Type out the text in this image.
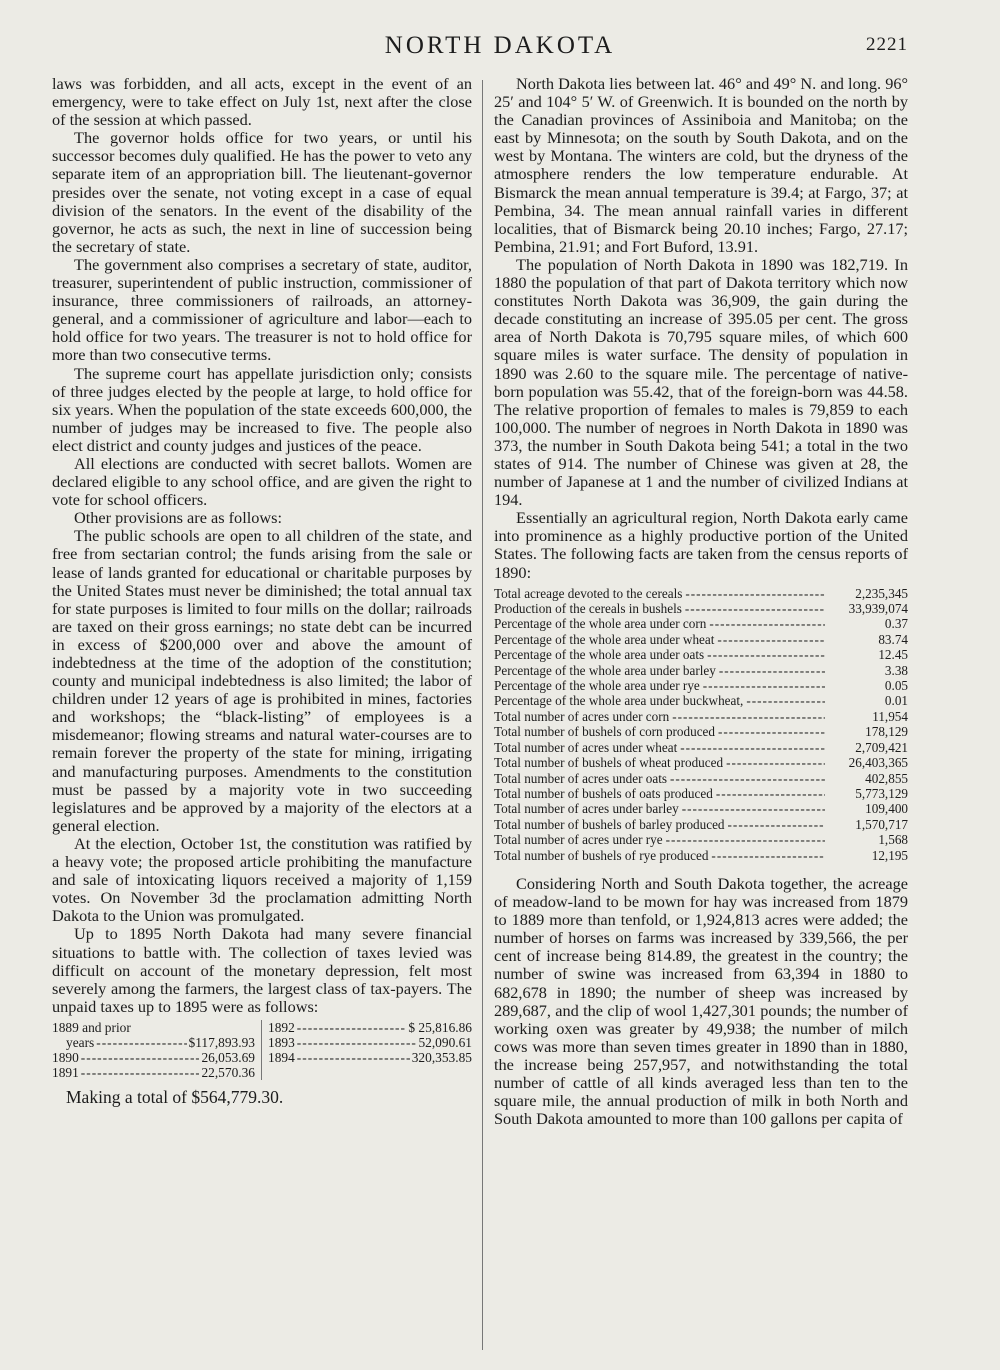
NORTH DAKOTA	2221

laws was forbidden, and all acts, except in the event of an emergency, were to take effect on July 1st, next after the close of the session at which passed.

The governor holds office for two years, or until his successor becomes duly qualified. He has the power to veto any separate item of an appropriation bill. The lieutenant-governor presides over the senate, not voting except in a case of equal division of the senators. In the event of the disability of the governor, he acts as such, the next in line of succession being the secretary of state.

The government also comprises a secretary of state, auditor, treasurer, superintendent of public instruction, commissioner of insurance, three commissioners of railroads, an attorney-general, and a commissioner of agriculture and labor—each to hold office for two years. The treasurer is not to hold office for more than two consecutive terms.

The supreme court has appellate jurisdiction only; consists of three judges elected by the people at large, to hold office for six years. When the population of the state exceeds 600,000, the number of judges may be increased to five. The people also elect district and county judges and justices of the peace.

All elections are conducted with secret ballots. Women are declared eligible to any school office, and are given the right to vote for school officers.

Other provisions are as follows:

The public schools are open to all children of the state, and free from sectarian control; the funds arising from the sale or lease of lands granted for educational or charitable purposes by the United States must never be diminished; the total annual tax for state purposes is limited to four mills on the dollar; railroads are taxed on their gross earnings; no state debt can be incurred in excess of $200,000 over and above the amount of indebtedness at the time of the adoption of the constitution; county and municipal indebtedness is also limited; the labor of children under 12 years of age is prohibited in mines, factories and workshops; the “black-listing” of employees is a misdemeanor; flowing streams and natural water-courses are to remain forever the property of the state for mining, irrigating and manufacturing purposes. Amendments to the constitution must be passed by a majority vote in two succeeding legislatures and be approved by a majority of the electors at a general election.

At the election, October 1st, the constitution was ratified by a heavy vote; the proposed article prohibiting the manufacture and sale of intoxicating liquors received a majority of 1,159 votes. On November 3d the proclamation admitting North Dakota to the Union was promulgated.

Up to 1895 North Dakota had many severe financial situations to battle with. The collection of taxes levied was difficult on account of the monetary depression, felt most severely among the farmers, the largest class of tax-payers. The unpaid taxes up to 1895 were as follows:

1889 and prior
years -----	$117,893.93
1890 -----	26,053.69
1891 -----	22,570.36
1892 -----	$ 25,816.86
1893 -----	52,090.61
1894 -----	320,353.85
Making a total of $564,779.30.

North Dakota lies between lat. 46° and 49° N. and long. 96° 25′ and 104° 5′ W. of Greenwich. It is bounded on the north by the Canadian provinces of Assiniboia and Manitoba; on the east by Minnesota; on the south by South Dakota, and on the west by Montana. The winters are cold, but the dryness of the atmosphere renders the low temperature endurable. At Bismarck the mean annual temperature is 39.4; at Fargo, 37; at Pembina, 34. The mean annual rainfall varies in different localities, that of Bismarck being 20.10 inches; Fargo, 27.17; Pembina, 21.91; and Fort Buford, 13.91.

The population of North Dakota in 1890 was 182,719. In 1880 the population of that part of Dakota territory which now constitutes North Dakota was 36,909, the gain during the decade constituting an increase of 395.05 per cent. The gross area of North Dakota is 70,795 square miles, of which 600 square miles is water surface. The density of population in 1890 was 2.60 to the square mile. The percentage of native-born population was 55.42, that of the foreign-born was 44.58. The relative proportion of females to males is 79,859 to each 100,000. The number of negroes in North Dakota in 1890 was 373, the number in South Dakota being 541; a total in the two states of 914. The number of Chinese was given at 28, the number of Japanese at 1 and the number of civilized Indians at 194.

Essentially an agricultural region, North Dakota early came into prominence as a highly productive portion of the United States. The following facts are taken from the census reports of 1890:

Total acreage devoted to the cereals -----	2,235,345
Production of the cereals in bushels -----	33,939,074
Percentage of the whole area under corn -----	0.37
Percentage of the whole area under wheat -----	83.74
Percentage of the whole area under oats -----	12.45
Percentage of the whole area under barley -----	3.38
Percentage of the whole area under rye -----	0.05
Percentage of the whole area under buckwheat, -----	0.01
Total number of acres under corn -----	11,954
Total number of bushels of corn produced -----	178,129
Total number of acres under wheat -----	2,709,421
Total number of bushels of wheat produced -----	26,403,365
Total number of acres under oats -----	402,855
Total number of bushels of oats produced -----	5,773,129
Total number of acres under barley -----	109,400
Total number of bushels of barley produced -----	1,570,717
Total number of acres under rye -----	1,568
Total number of bushels of rye produced -----	12,195

Considering North and South Dakota together, the acreage of meadow-land to be mown for hay was increased from 1879 to 1889 more than tenfold, or 1,924,813 acres were added; the number of horses on farms was increased by 339,566, the per cent of increase being 814.89, the greatest in the country; the number of swine was increased from 63,394 in 1880 to 682,678 in 1890; the number of sheep was increased by 289,687, and the clip of wool 1,427,301 pounds; the number of working oxen was greater by 49,938; the number of milch cows was more than seven times greater in 1890 than in 1880, the increase being 257,957, and notwithstanding the total number of cattle of all kinds averaged less than ten to the square mile, the annual production of milk in both North and South Dakota amounted to more than 100 gallons per capita of
